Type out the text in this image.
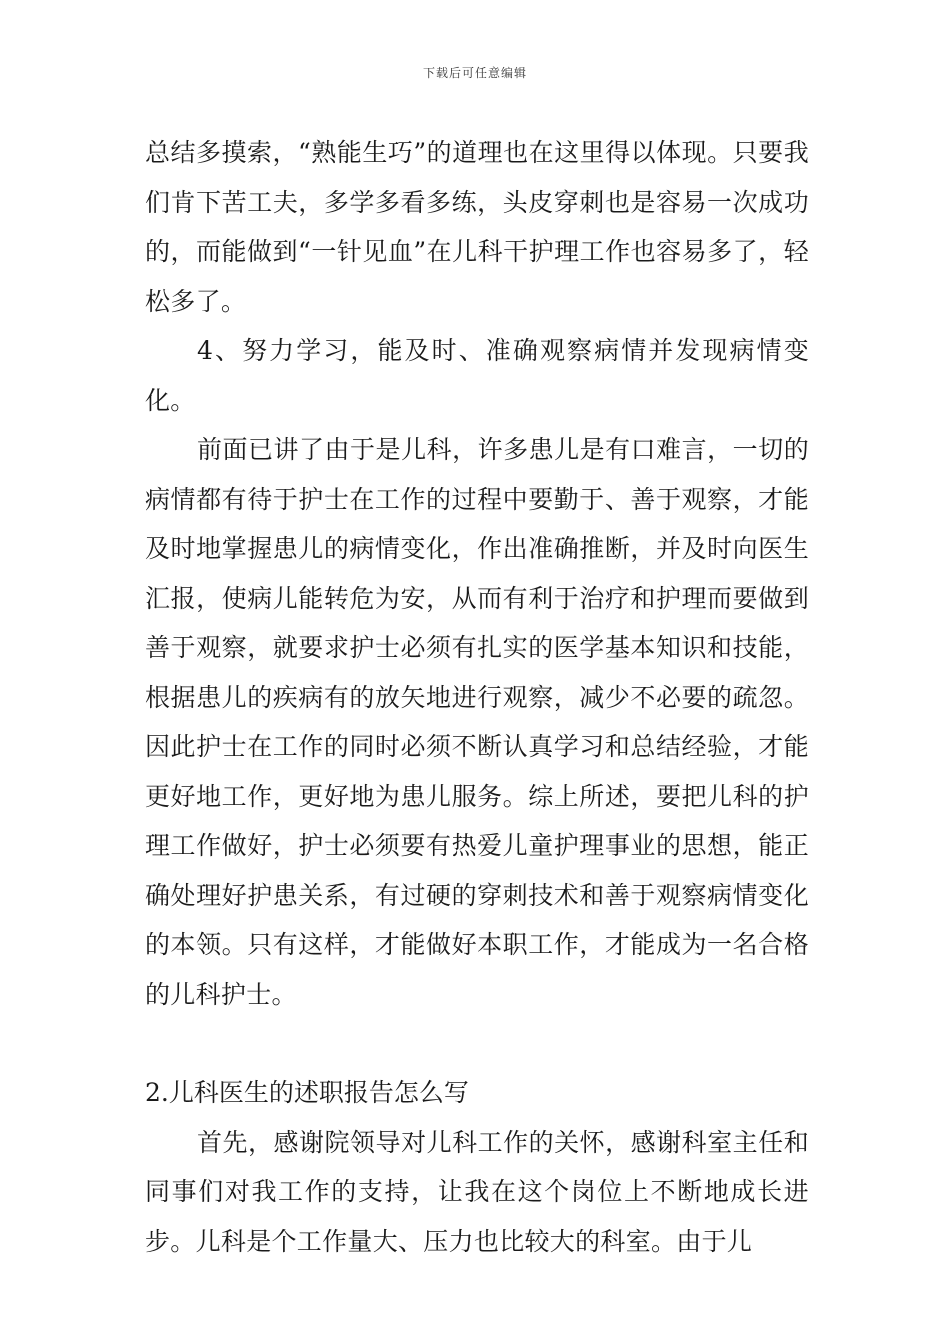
下载后可任意编辑

总结多摸索，“熟能生巧”的道理也在这里得以体现。只要我们肯下苦工夫，多学多看多练，头皮穿刺也是容易一次成功的，而能做到“一针见血”在儿科干护理工作也容易多了，轻松多了。

4、努力学习，能及时、准确观察病情并发现病情变化。

前面已讲了由于是儿科，许多患儿是有口难言，一切的病情都有待于护士在工作的过程中要勤于、善于观察，才能及时地掌握患儿的病情变化，作出准确推断，并及时向医生汇报，使病儿能转危为安，从而有利于治疗和护理而要做到善于观察，就要求护士必须有扎实的医学基本知识和技能，根据患儿的疾病有的放矢地进行观察，减少不必要的疏忽。因此护士在工作的同时必须不断认真学习和总结经验，才能更好地工作，更好地为患儿服务。综上所述，要把儿科的护理工作做好，护士必须要有热爱儿童护理事业的思想，能正确处理好护患关系，有过硬的穿刺技术和善于观察病情变化的本领。只有这样，才能做好本职工作，才能成为一名合格的儿科护士。

2.儿科医生的述职报告怎么写

首先，感谢院领导对儿科工作的关怀，感谢科室主任和同事们对我工作的支持，让我在这个岗位上不断地成长进步。儿科是个工作量大、压力也比较大的科室。由于儿
